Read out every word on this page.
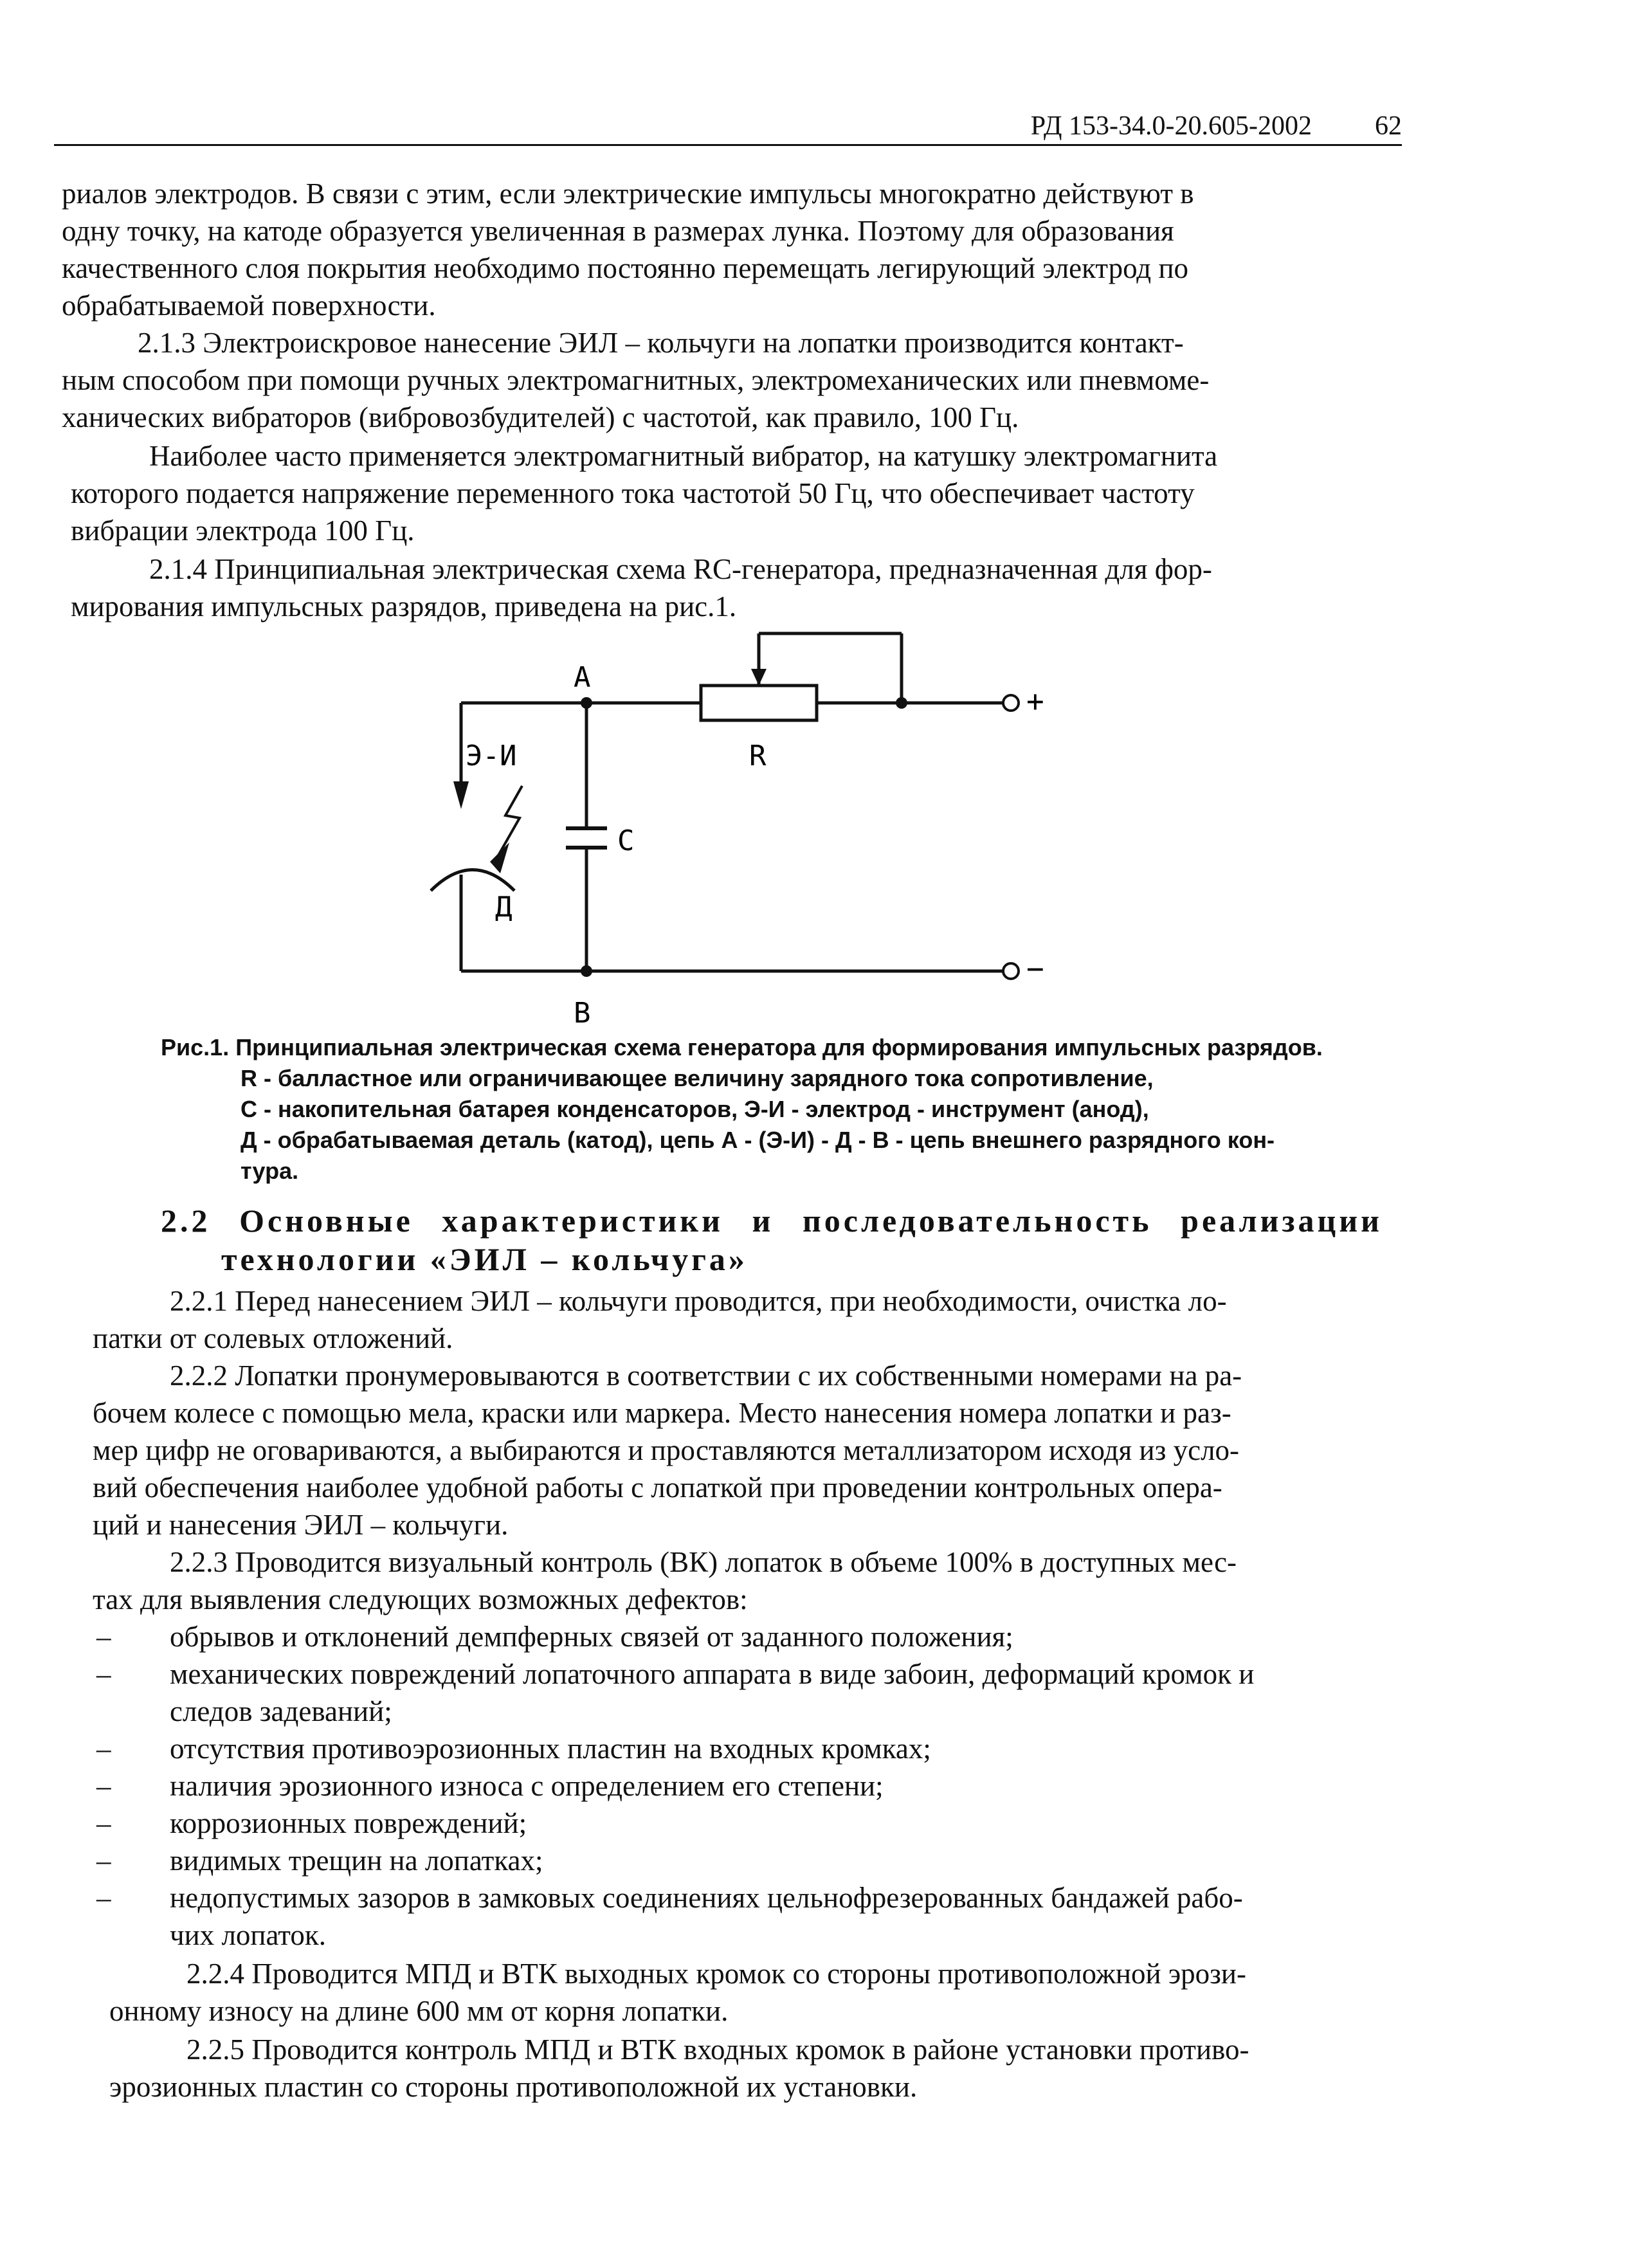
РД 153-34.0-20.605-2002 62
риалов электродов. В связи с этим, если электрические импульсы многократно действуют в
одну точку, на катоде образуется увеличенная в размерах лунка. Поэтому для образования
качественного слоя покрытия необходимо постоянно перемещать легирующий электрод по
обрабатываемой поверхности.
2.1.3 Электроискровое нанесение ЭИЛ – кольчуги на лопатки производится контакт-
ным способом при помощи ручных электромагнитных, электромеханических или пневмоме-
ханических вибраторов (вибровозбудителей) с частотой, как правило, 100 Гц.
Наиболее часто применяется электромагнитный вибратор, на катушку электромагнита
которого подается напряжение переменного тока частотой 50 Гц, что обеспечивает частоту
вибрации электрода 100 Гц.
2.1.4 Принципиальная электрическая схема RC-генератора, предназначенная для фор-
мирования импульсных разрядов, приведена на рис.1.
А
В
R
С
Э-И
Д
+
−
Рис.1. Принципиальная электрическая схема генератора для формирования импульсных разрядов.
R - балластное или ограничивающее величину зарядного тока сопротивление,
С - накопительная батарея конденсаторов, Э-И - электрод - инструмент (анод),
Д - обрабатываемая деталь (катод), цепь А - (Э-И) - Д - В - цепь внешнего разрядного кон-
тура.
2.2 Основные характеристики и последовательность реализации
технологии «ЭИЛ – кольчуга»
2.2.1 Перед нанесением ЭИЛ – кольчуги проводится, при необходимости, очистка ло-
патки от солевых отложений.
2.2.2 Лопатки пронумеровываются в соответствии с их собственными номерами на ра-
бочем колесе с помощью мела, краски или маркера. Место нанесения номера лопатки и раз-
мер цифр не оговариваются, а выбираются и проставляются металлизатором исходя из усло-
вий обеспечения наиболее удобной работы с лопаткой при проведении контрольных опера-
ций и нанесения ЭИЛ – кольчуги.
2.2.3 Проводится визуальный контроль (ВК) лопаток в объеме 100% в доступных мес-
тах для выявления следующих возможных дефектов:
– обрывов и отклонений демпферных связей от заданного положения;
– механических повреждений лопаточного аппарата в виде забоин, деформаций кромок и
следов задеваний;
– отсутствия противоэрозионных пластин на входных кромках;
– наличия эрозионного износа с определением его степени;
– коррозионных повреждений;
– видимых трещин на лопатках;
– недопустимых зазоров в замковых соединениях цельнофрезерованных бандажей рабо-
чих лопаток.
2.2.4 Проводится МПД и ВТК выходных кромок со стороны противоположной эрози-
онному износу на длине 600 мм от корня лопатки.
2.2.5 Проводится контроль МПД и ВТК входных кромок в районе установки противо-
эрозионных пластин со стороны противоположной их установки.
